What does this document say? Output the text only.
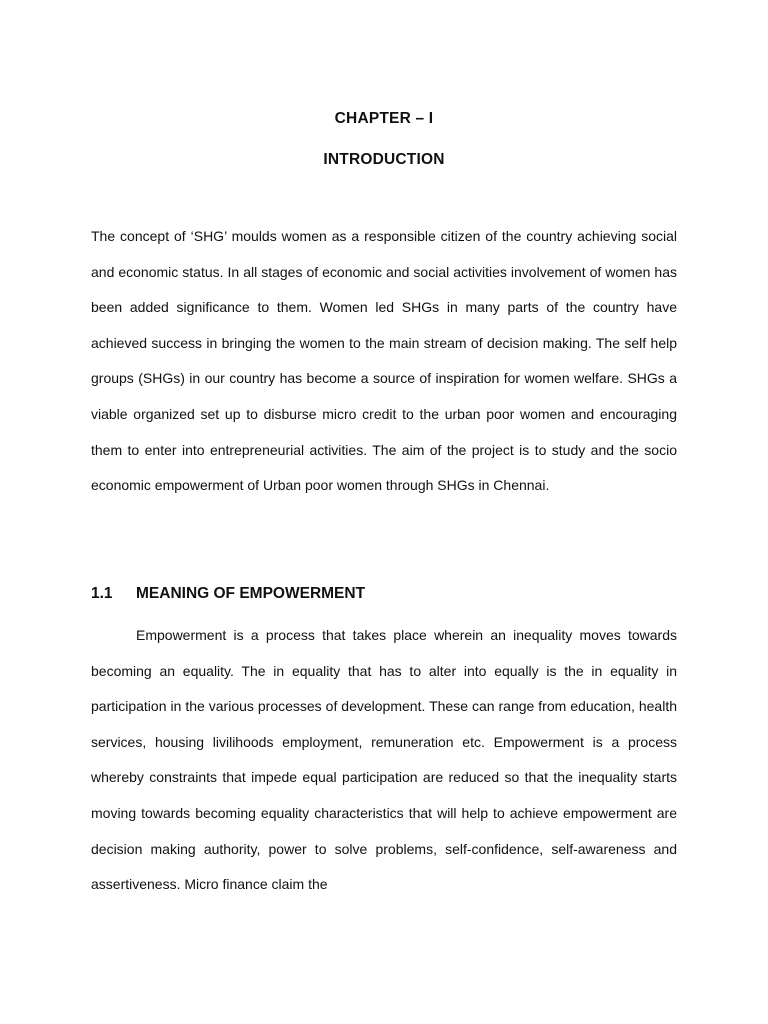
CHAPTER – I
INTRODUCTION

The concept of ‘SHG’ moulds women as a responsible citizen of the country achieving social and economic status. In all stages of economic and social activities involvement of women has been added significance to them. Women led SHGs in many parts of the country have achieved success in bringing the women to the main stream of decision making. The self help groups (SHGs) in our country has become a source of inspiration for women welfare. SHGs a viable organized set up to disburse micro credit to the urban poor women and encouraging them to enter into entrepreneurial activities. The aim of the project is to study and the socio economic empowerment of Urban poor women through SHGs in Chennai.

1.1 MEANING OF EMPOWERMENT

Empowerment is a process that takes place wherein an inequality moves towards becoming an equality. The in equality that has to alter into equally is the in equality in participation in the various processes of development. These can range from education, health services, housing livilihoods employment, remuneration etc. Empowerment is a process whereby constraints that impede equal participation are reduced so that the inequality starts moving towards becoming equality characteristics that will help to achieve empowerment are decision making authority, power to solve problems, self-confidence, self-awareness and assertiveness. Micro finance claim the
